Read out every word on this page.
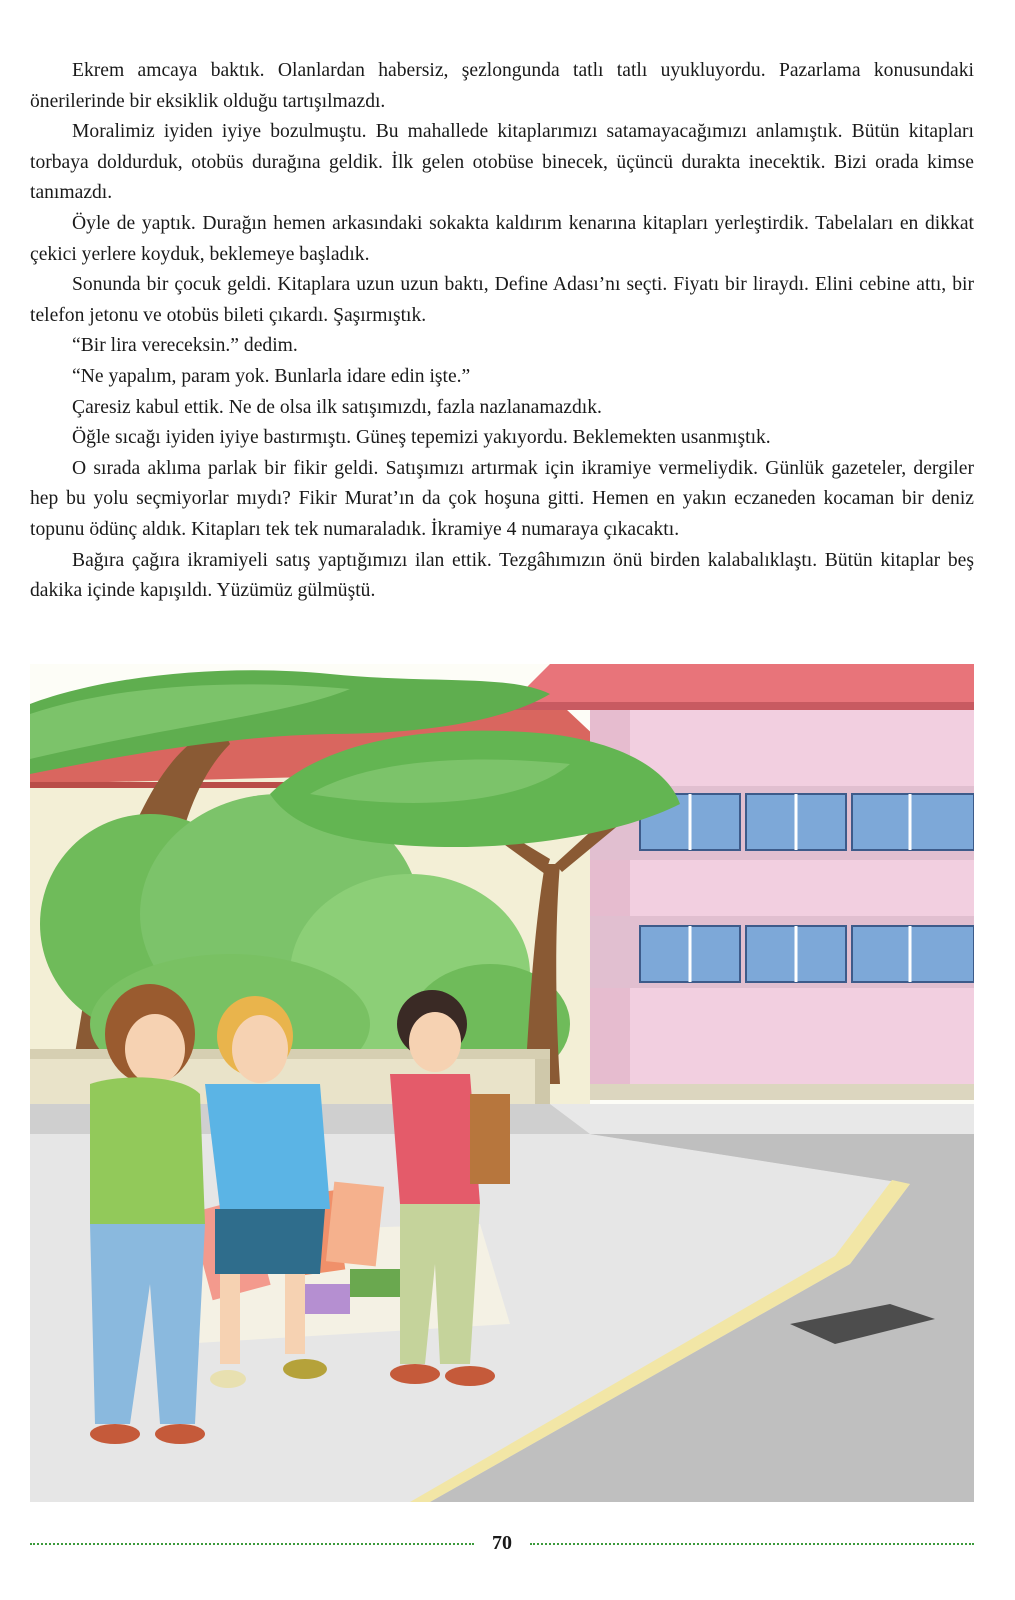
Ekrem amcaya baktık. Olanlardan habersiz, şezlongunda tatlı tatlı uyukluyordu. Pazarlama konusundaki önerilerinde bir eksiklik olduğu tartışılmazdı.

Moralimiz iyiden iyiye bozulmuştu. Bu mahallede kitaplarımızı satamayacağımızı anlamıştık. Bütün kitapları torbaya doldurduk, otobüs durağına geldik. İlk gelen otobüse binecek, üçüncü durakta inecektik. Bizi orada kimse tanımazdı.

Öyle de yaptık. Durağın hemen arkasındaki sokakta kaldırım kenarına kitapları yerleştirdik. Tabelaları en dikkat çekici yerlere koyduk, beklemeye başladık.

Sonunda bir çocuk geldi. Kitaplara uzun uzun baktı, Define Adası’nı seçti. Fiyatı bir liraydı. Elini cebine attı, bir telefon jetonu ve otobüs bileti çıkardı. Şaşırmıştık.

“Bir lira vereceksin.” dedim.

“Ne yapalım, param yok. Bunlarla idare edin işte.”

Çaresiz kabul ettik. Ne de olsa ilk satışımızdı, fazla nazlanamazdık.

Öğle sıcağı iyiden iyiye bastırmıştı. Güneş tepemizi yakıyordu. Beklemekten usanmıştık.

O sırada aklıma parlak bir fikir geldi. Satışımızı artırmak için ikramiye vermeliydik. Günlük gazeteler, dergiler hep bu yolu seçmiyorlar mıydı? Fikir Murat’ın da çok hoşuna gitti. Hemen en yakın eczaneden kocaman bir deniz topunu ödünç aldık. Kitapları tek tek numaraladık. İkramiye 4 numaraya çıkacaktı.

Bağıra çağıra ikramiyeli satış yaptığımızı ilan ettik. Tezgâhımızın önü birden kalabalıklaştı. Bütün kitaplar beş dakika içinde kapışıldı. Yüzümüz gülmüştü.

70
